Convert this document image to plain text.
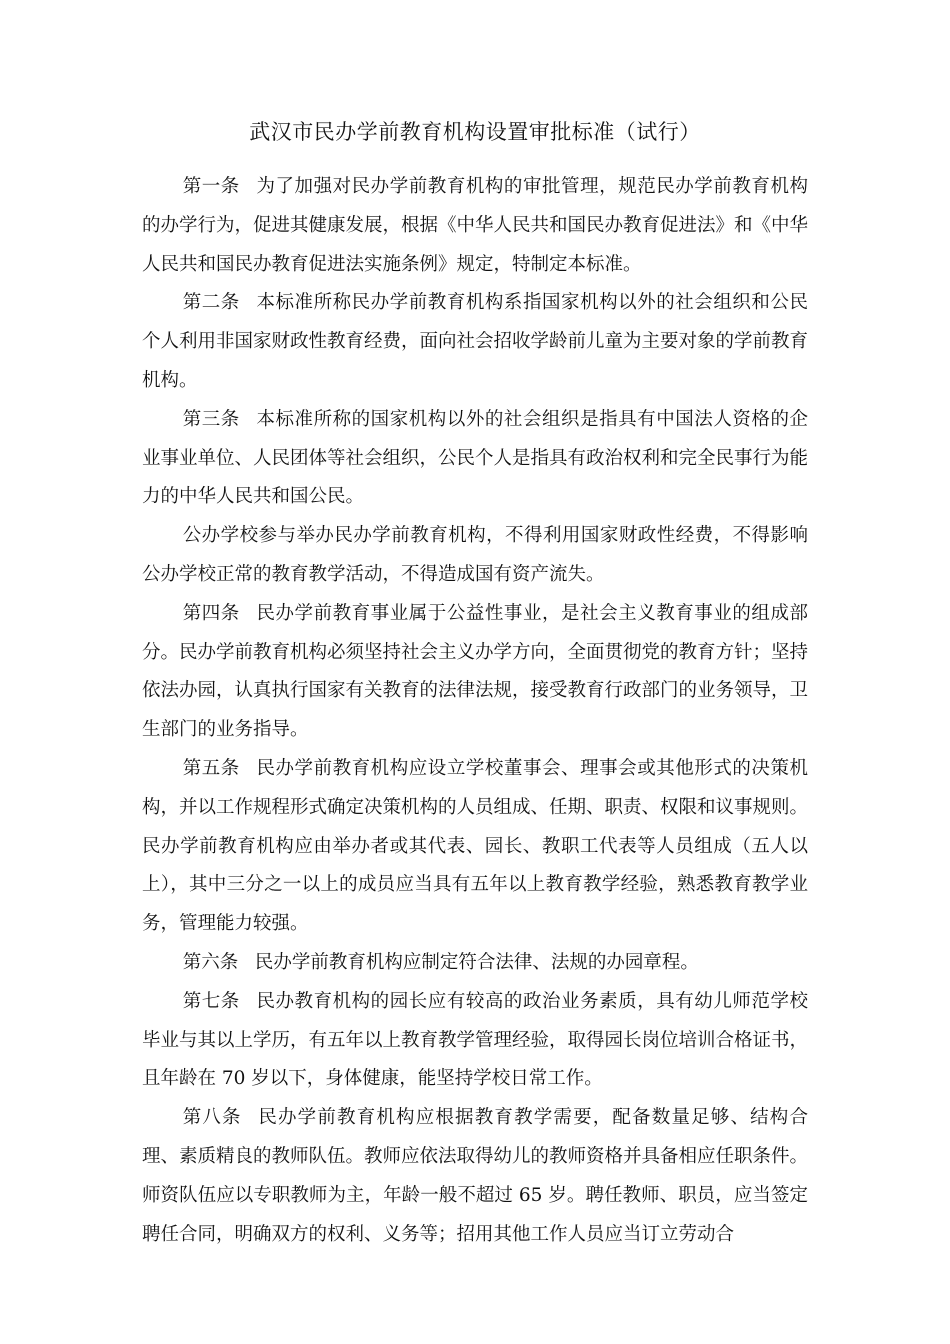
武汉市民办学前教育机构设置审批标准（试行）

第一条 为了加强对民办学前教育机构的审批管理，规范民办学前教育机构的办学行为，促进其健康发展，根据《中华人民共和国民办教育促进法》和《中华人民共和国民办教育促进法实施条例》规定，特制定本标准。

第二条 本标准所称民办学前教育机构系指国家机构以外的社会组织和公民个人利用非国家财政性教育经费，面向社会招收学龄前儿童为主要对象的学前教育机构。

第三条 本标准所称的国家机构以外的社会组织是指具有中国法人资格的企业事业单位、人民团体等社会组织，公民个人是指具有政治权利和完全民事行为能力的中华人民共和国公民。

公办学校参与举办民办学前教育机构，不得利用国家财政性经费，不得影响公办学校正常的教育教学活动，不得造成国有资产流失。

第四条 民办学前教育事业属于公益性事业，是社会主义教育事业的组成部分。民办学前教育机构必须坚持社会主义办学方向，全面贯彻党的教育方针；坚持依法办园，认真执行国家有关教育的法律法规，接受教育行政部门的业务领导，卫生部门的业务指导。

第五条 民办学前教育机构应设立学校董事会、理事会或其他形式的决策机构，并以工作规程形式确定决策机构的人员组成、任期、职责、权限和议事规则。民办学前教育机构应由举办者或其代表、园长、教职工代表等人员组成（五人以上），其中三分之一以上的成员应当具有五年以上教育教学经验，熟悉教育教学业务，管理能力较强。

第六条 民办学前教育机构应制定符合法律、法规的办园章程。

第七条 民办教育机构的园长应有较高的政治业务素质，具有幼儿师范学校毕业与其以上学历，有五年以上教育教学管理经验，取得园长岗位培训合格证书，且年龄在 70 岁以下，身体健康，能坚持学校日常工作。

第八条 民办学前教育机构应根据教育教学需要，配备数量足够、结构合理、素质精良的教师队伍。教师应依法取得幼儿的教师资格并具备相应任职条件。师资队伍应以专职教师为主，年龄一般不超过 65 岁。聘任教师、职员，应当签定聘任合同，明确双方的权利、义务等；招用其他工作人员应当订立劳动合
